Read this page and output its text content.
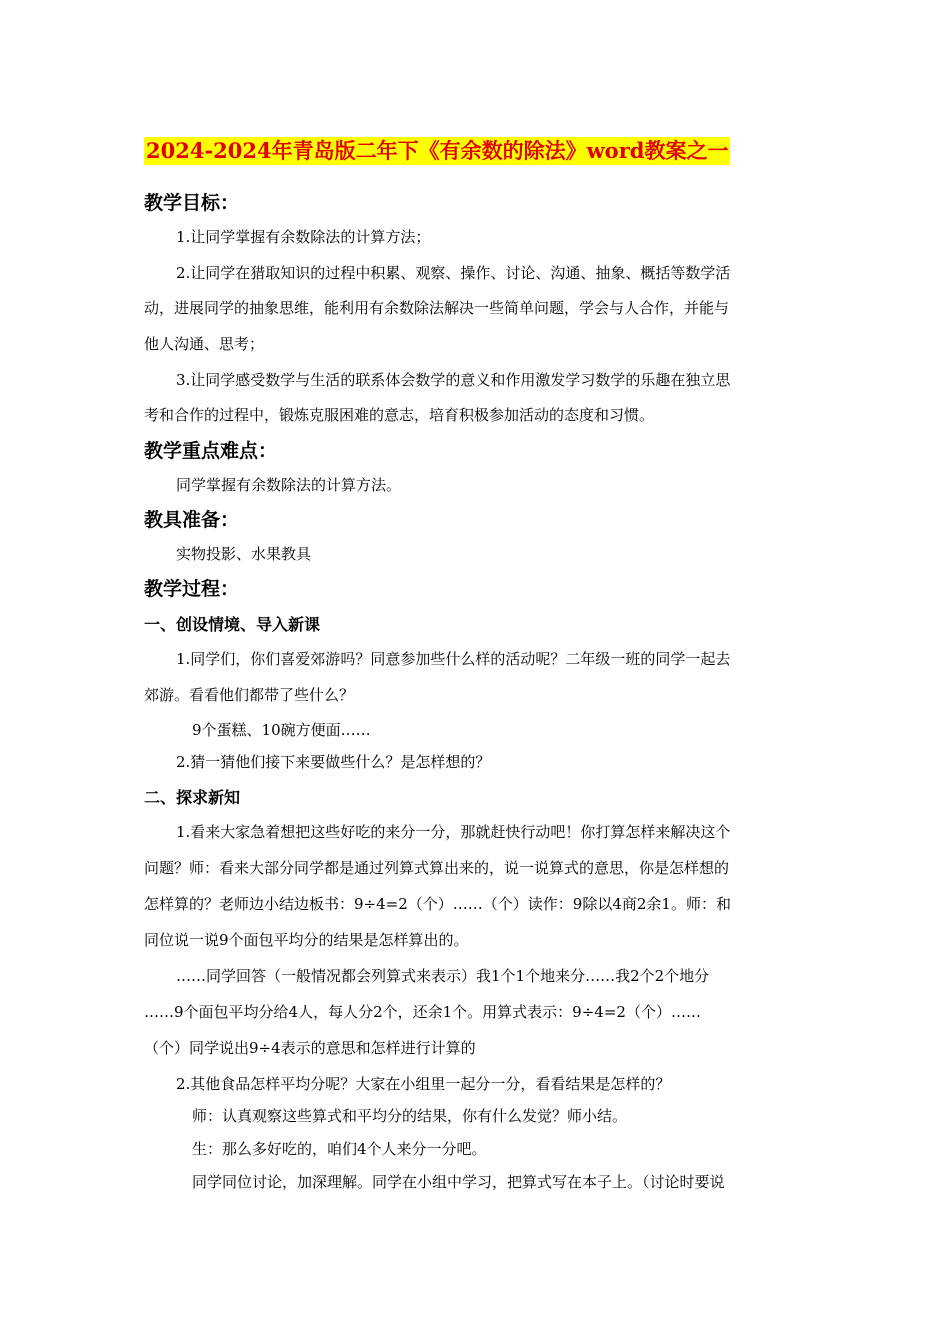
2024-2024年青岛版二年下《有余数的除法》word教案之一
教学目标：
1.让同学掌握有余数除法的计算方法；
2.让同学在猎取知识的过程中积累、观察、操作、讨论、沟通、抽象、概括等数学活
动，进展同学的抽象思维，能利用有余数除法解决一些简单问题，学会与人合作，并能与
他人沟通、思考；
3.让同学感受数学与生活的联系体会数学的意义和作用激发学习数学的乐趣在独立思
考和合作的过程中，锻炼克服困难的意志，培育积极参加活动的态度和习惯。
教学重点难点：
同学掌握有余数除法的计算方法。
教具准备：
实物投影、水果教具
教学过程：
一、创设情境、导入新课
1.同学们，你们喜爱郊游吗？同意参加些什么样的活动呢？二年级一班的同学一起去
郊游。看看他们都带了些什么？
9个蛋糕、10碗方便面……
2.猜一猜他们接下来要做些什么？是怎样想的？
二、探求新知
1.看来大家急着想把这些好吃的来分一分，那就赶快行动吧！你打算怎样来解决这个
问题？师：看来大部分同学都是通过列算式算出来的，说一说算式的意思，你是怎样想的
怎样算的？老师边小结边板书：9÷4=2（个）……（个）读作：9除以4商2余1。师：和
同位说一说9个面包平均分的结果是怎样算出的。
……同学回答（一般情况都会列算式来表示）我1个1个地来分……我2个2个地分
……9个面包平均分给4人，每人分2个，还余1个。用算式表示：9÷4=2（个）……
（个）同学说出9÷4表示的意思和怎样进行计算的
2.其他食品怎样平均分呢？大家在小组里一起分一分，看看结果是怎样的？
师：认真观察这些算式和平均分的结果，你有什么发觉？师小结。
生：那么多好吃的，咱们4个人来分一分吧。
同学同位讨论，加深理解。同学在小组中学习，把算式写在本子上。（讨论时要说
